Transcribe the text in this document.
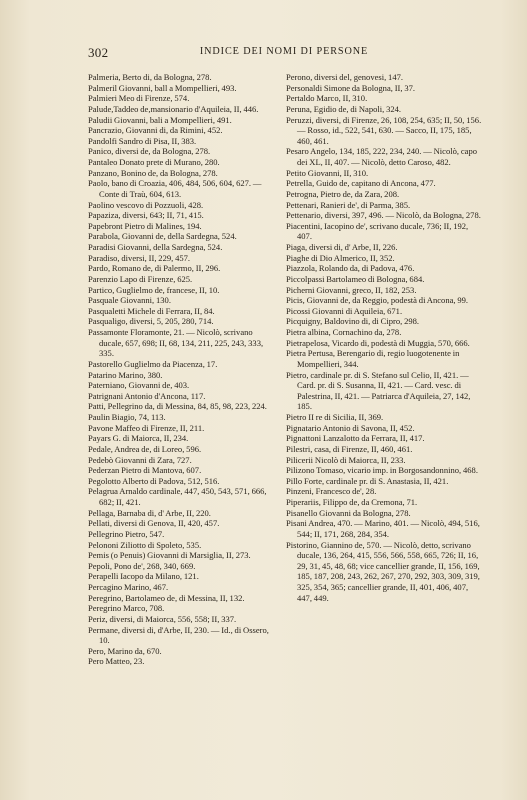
302	INDICE DEI NOMI DI PERSONE
Palmeria, Berto di, da Bologna, 278.
Palmeril Giovanni, ball a Mompellieri, 493.
Palmieri Meo di Firenze, 574.
Palude,Taddeo de,mansionario d'Aquileia, II, 446.
Paludii Giovanni, bali a Mompellieri, 491.
Pancrazio, Giovanni di, da Rimini, 452.
Pandolfi Sandro di Pisa, II, 383.
Panico, diversi de, da Bologna, 278.
Pantaleo Donato prete di Murano, 280.
Panzano, Bonino de, da Bologna, 278.
Paolo, bano di Croazia, 406, 484, 506, 604, 627. — Conte di Traù, 604, 613.
Paolino vescovo di Pozzuoli, 428.
Papaziza, diversi, 643; II, 71, 415.
Papebront Pietro di Malines, 194.
Parabola, Giovanni de, della Sardegna, 524.
Paradisi Giovanni, della Sardegna, 524.
Paradiso, diversi, II, 229, 457.
Pardo, Romano de, di Palermo, II, 296.
Parenzio Lapo di Firenze, 625.
Partico, Guglielmo de, francese, II, 10.
Pasquale Giovanni, 130.
Pasqualetti Michele di Ferrara, II, 84.
Pasqualigo, diversi, 5, 205, 280, 714.
Passamonte Floramonte, 21. — Nicolò, scrivano ducale, 657, 698; II, 68, 134, 211, 225, 243, 333, 335.
Pastorello Guglielmo da Piacenza, 17.
Patarino Marino, 380.
Paterniano, Giovanni de, 403.
Patrignani Antonio d'Ancona, 117.
Patti, Pellegrino da, di Messina, 84, 85, 98, 223, 224.
Paulin Biagio, 74, 113.
Pavone Maffeo di Firenze, II, 211.
Payars G. di Maiorca, II, 234.
Pedale, Andrea de, di Loreo, 596.
Pedebò Giovanni di Zara, 727.
Pederzan Pietro di Mantova, 607.
Pegolotto Alberto di Padova, 512, 516.
Pelagrua Arnaldo cardinale, 447, 450, 543, 571, 666, 682; II, 421.
Pellaga, Barnaba di, d' Arbe, II, 220.
Pellati, diversi di Genova, II, 420, 457.
Pellegrino Pietro, 547.
Pelononi Ziliotto di Spoleto, 535.
Pemis (o Penuis) Giovanni di Marsiglia, II, 273.
Pepoli, Pono de', 268, 340, 669.
Perapelli Iacopo da Milano, 121.
Percagino Marino, 467.
Peregrino, Bartolameo de, di Messina, II, 132.
Peregrino Marco, 708.
Periz, diversi, di Maiorca, 556, 558; II, 337.
Permane, diversi di, d'Arbe, II, 230. — Id., di Ossero, 10.
Pero, Marino da, 670.
Pero Matteo, 23.
Perono, diversi del, genovesi, 147.
Personaldi Simone da Bologna, II, 37.
Pertaldo Marco, II, 310.
Peruna, Egidio de, di Napoli, 324.
Peruzzi, diversi, di Firenze, 26, 108, 254, 635; II, 50, 156. — Rosso, id., 522, 541, 630. — Sacco, II, 175, 185, 460, 461.
Pesaro Angelo, 134, 185, 222, 234, 240. — Nicolò, capo dei XL, II, 407. — Nicolò, detto Caroso, 482.
Petito Giovanni, II, 310.
Petrella, Guido de, capitano di Ancona, 477.
Petrogna, Pietro de, da Zara, 208.
Pettenari, Ranieri de', di Parma, 385.
Pettenario, diversi, 397, 496. — Nicolò, da Bologna, 278.
Piacentini, Iacopino de', scrivano ducale, 736; II, 192, 407.
Piaga, diversi di, d' Arbe, II, 226.
Piaghe di Dio Almerico, II, 352.
Piazzola, Rolando da, di Padova, 476.
Piccolpassi Bartolameo di Bologna, 684.
Picherni Giovanni, greco, II, 182, 253.
Picis, Giovanni de, da Reggio, podestà di Ancona, 99.
Picossi Giovanni di Aquileia, 671.
Picquigny, Baldovino di, di Cipro, 298.
Pietra albina, Cornachino da, 278.
Pietrapelosa, Vicardo di, podestà di Muggia, 570, 666.
Pietra Pertusa, Berengario di, regio luogotenente in Mompellieri, 344.
Pietro, cardinale pr. di S. Stefano sul Celio, II, 421. — Card. pr. di S. Susanna, II, 421. — Card. vesc. di Palestrina, II, 421. — Patriarca d'Aquileia, 27, 142, 185.
Pietro II re di Sicilia, II, 369.
Pignatario Antonio di Savona, II, 452.
Pignattoni Lanzalotto da Ferrara, II, 417.
Pilestri, casa, di Firenze, II, 460, 461.
Pilicerii Nicolò di Maiorca, II, 233.
Pilizono Tomaso, vicario imp. in Borgosandonnino, 468.
Pillo Forte, cardinale pr. di S. Anastasia, II, 421.
Pinzeni, Francesco de', 28.
Piperariis, Filippo de, da Cremona, 71.
Pisanello Giovanni da Bologna, 278.
Pisani Andrea, 470. — Marino, 401. — Nicolò, 494, 516, 544; II, 171, 268, 284, 354.
Pistorino, Giannino de, 570. — Nicolò, detto, scrivano ducale, 136, 264, 415, 556, 566, 558, 665, 726; II, 16, 29, 31, 45, 48, 68; vice cancellier grande, II, 156, 169, 185, 187, 208, 243, 262, 267, 270, 292, 303, 309, 319, 325, 354, 365; cancellier grande, II, 401, 406, 407, 447, 449.
